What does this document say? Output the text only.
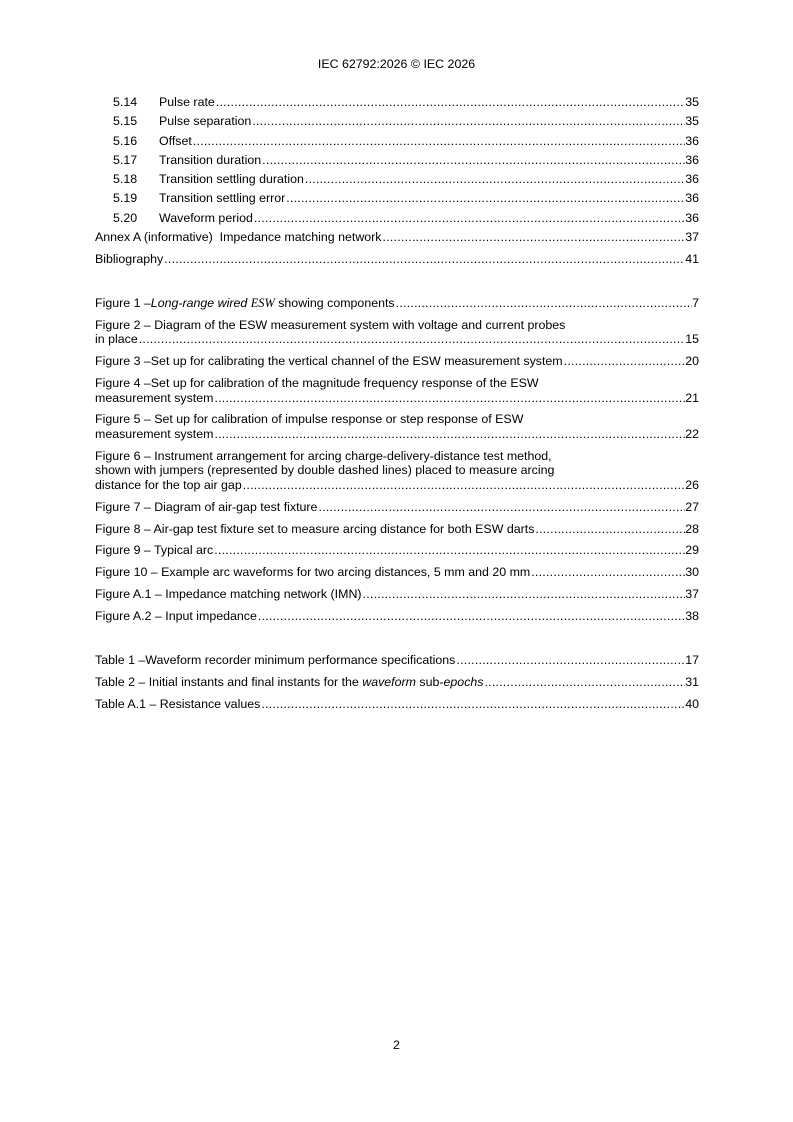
IEC 62792:2026 © IEC 2026
5.14	Pulse rate . . .	35
5.15	Pulse separation . . .	35
5.16	Offset . . .	36
5.17	Transition duration . . .	36
5.18	Transition settling duration . . .	36
5.19	Transition settling error . . .	36
5.20	Waveform period . . .	36
Annex A (informative)  Impedance matching network . . .	37
Bibliography . . .	41
Figure 1 –Long-range wired ESW showing components . . .	7
Figure 2 – Diagram of the ESW measurement system with voltage and current probes
in place . . .	15
Figure 3 –Set up for calibrating the vertical channel of the ESW measurement system . . .	20
Figure 4 –Set up for calibration of the magnitude frequency response of the ESW
measurement system . . .	21
Figure 5 – Set up for calibration of impulse response or step response of ESW
measurement system . . .	22
Figure 6 – Instrument arrangement for arcing charge-delivery-distance test method,
shown with jumpers (represented by double dashed lines) placed to measure arcing
distance for the top air gap . . .	26
Figure 7 – Diagram of air-gap test fixture . . .	27
Figure 8 – Air-gap test fixture set to measure arcing distance for both ESW darts . . .	28
Figure 9 – Typical arc . . .	29
Figure 10 – Example arc waveforms for two arcing distances, 5 mm and 20 mm . . .	30
Figure A.1 – Impedance matching network (IMN) . . .	37
Figure A.2 – Input impedance . . .	38
Table 1 –Waveform recorder minimum performance specifications . . .	17
Table 2 – Initial instants and final instants for the waveform sub-epochs . . .	31
Table A.1 – Resistance values . . .	40
2
